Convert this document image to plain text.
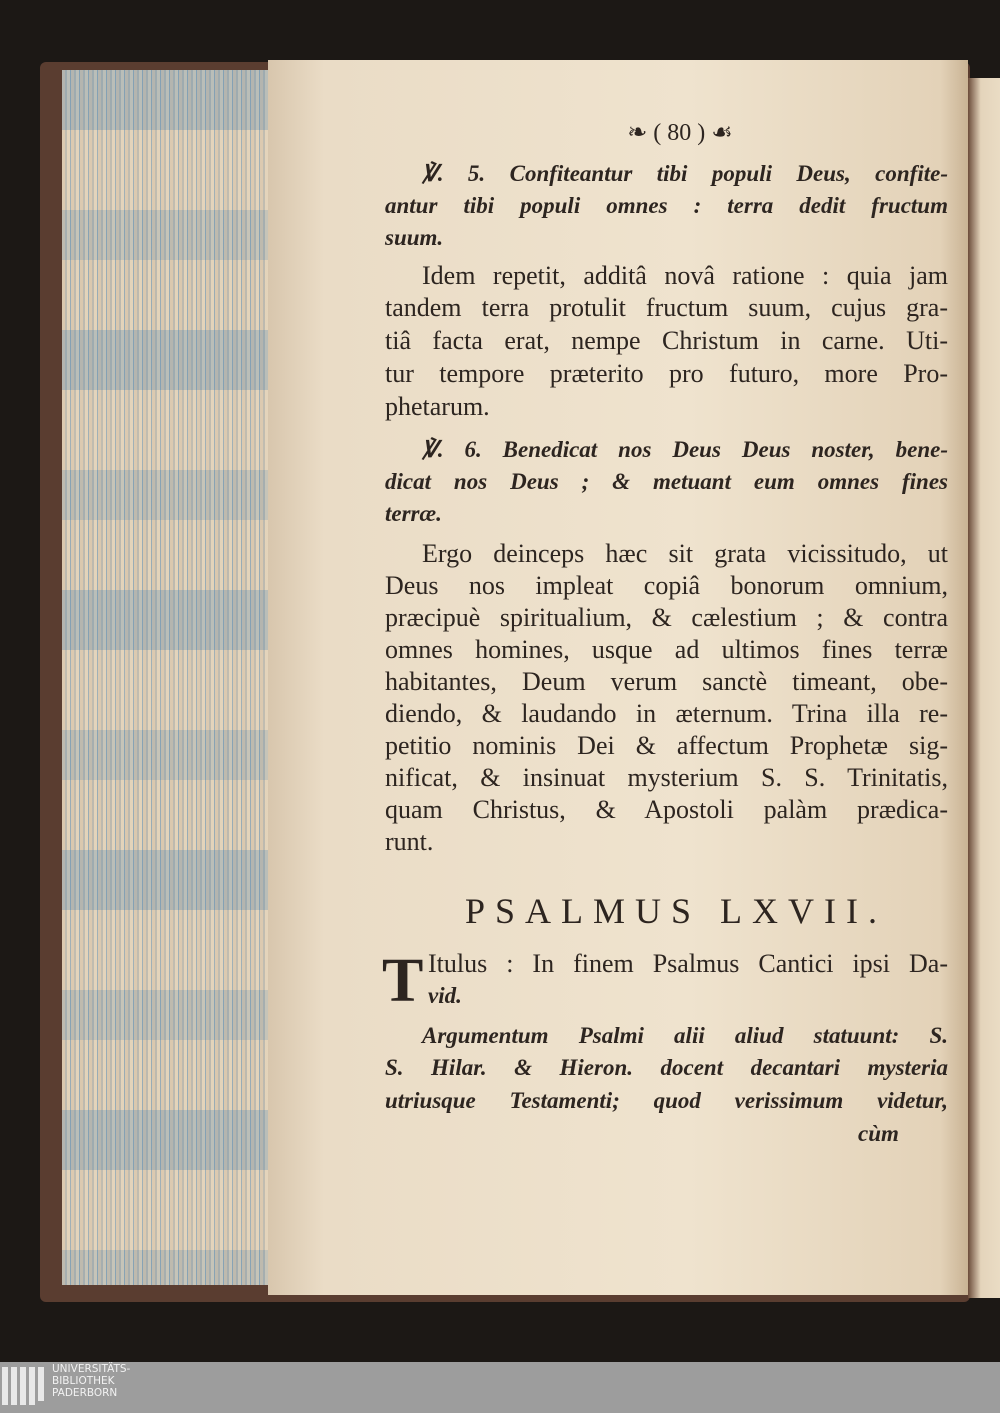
❧ ( 80 ) ☙
℣. 5. Confiteantur tibi populi Deus, confite-
antur tibi populi omnes : terra dedit fructum
suum.
Idem repetit, additâ novâ ratione : quia jam
tandem terra protulit fructum suum, cujus gra-
tiâ facta erat, nempe Christum in carne. Uti-
tur tempore præterito pro futuro, more Pro-
phetarum.
℣. 6. Benedicat nos Deus Deus noster, bene-
dicat nos Deus ; & metuant eum omnes fines
terræ.
Ergo deinceps hæc sit grata vicissitudo, ut
Deus nos impleat copiâ bonorum omnium,
præcipuè spiritualium, & cælestium ; & contra
omnes homines, usque ad ultimos fines terræ
habitantes, Deum verum sanctè timeant, obe-
diendo, & laudando in æternum. Trina illa re-
petitio nominis Dei & affectum Prophetæ sig-
nificat, & insinuat mysterium S. S. Trinitatis,
quam Christus, & Apostoli palàm prædica-
runt.
PSALMUS LXVII.
T Itulus : In finem Psalmus Cantici ipsi Da-
vid.
Argumentum Psalmi alii aliud statuunt: S.
S. Hilar. & Hieron. docent decantari mysteria
utriusque Testamenti; quod verissimum videtur,
cùm
UNIVERSITÄTS-
BIBLIOTHEK
PADERBORN
